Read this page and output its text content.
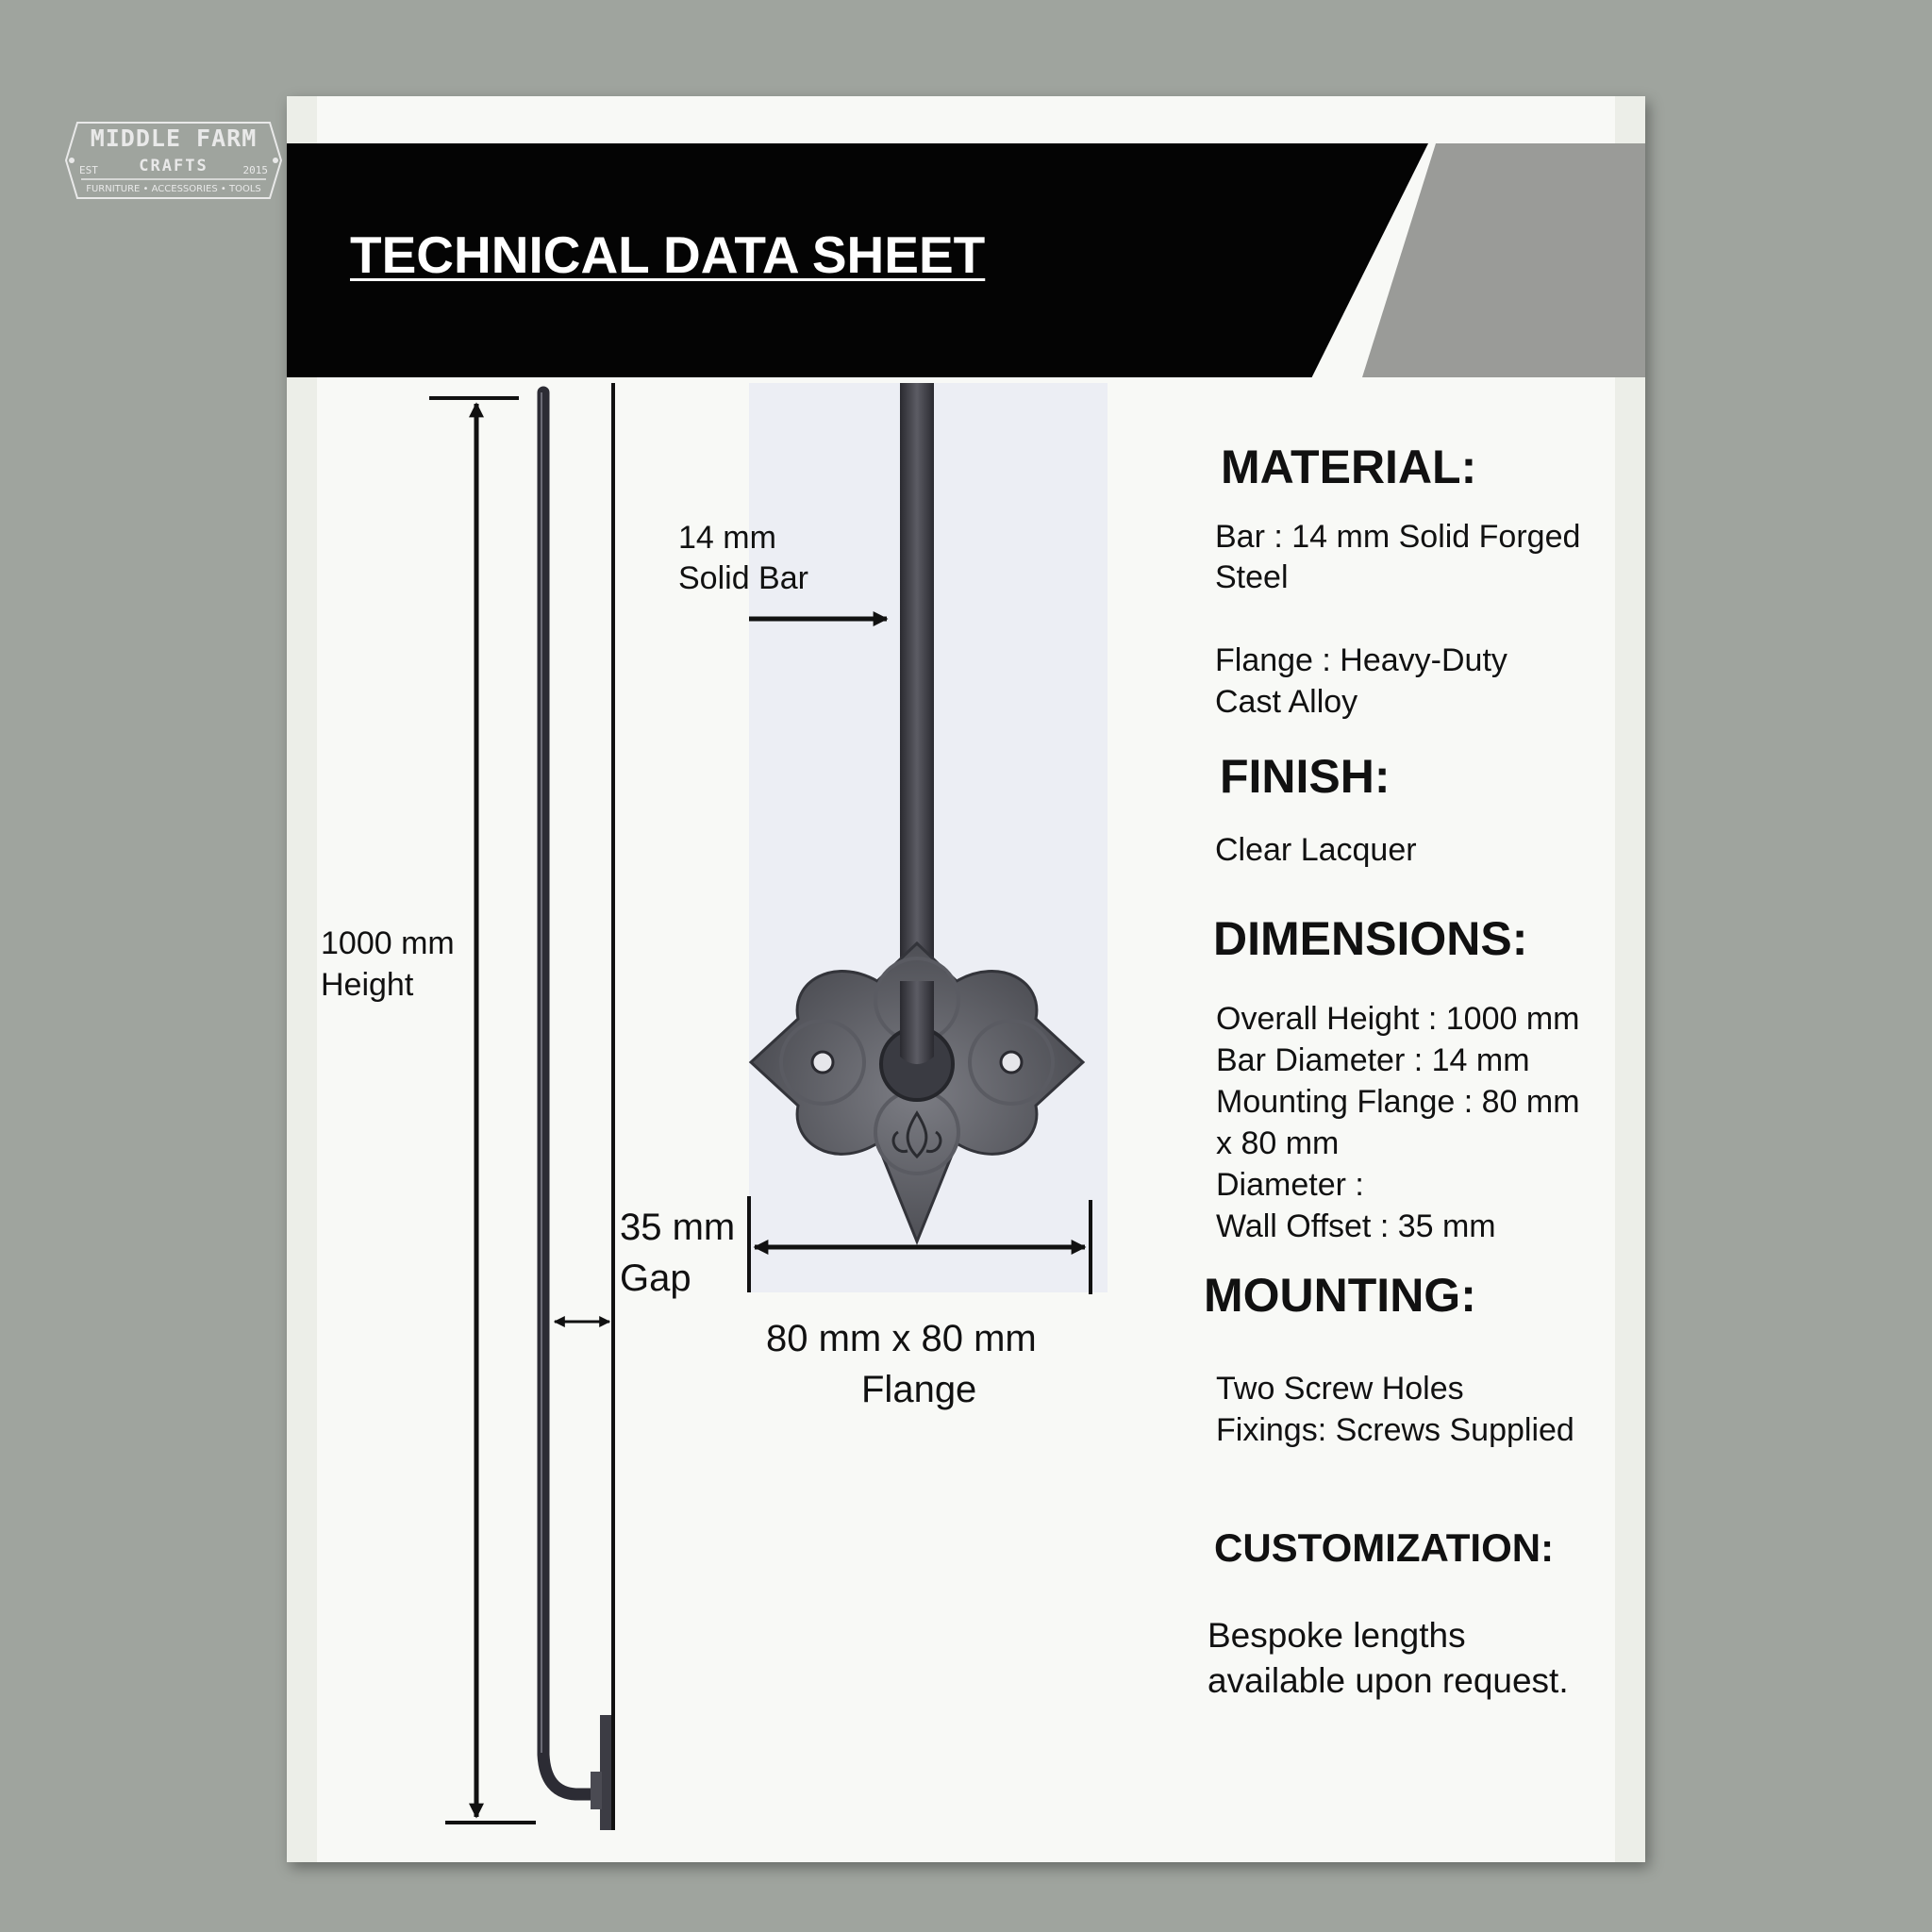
MIDDLE FARM
CRAFTS
EST	2015
FURNITURE • ACCESSORIES • TOOLS
TECHNICAL DATA SHEET
1000 mm
Height
35 mm
Gap
14 mm
Solid Bar
80 mm x 80 mm
Flange
MATERIAL:
Bar : 14 mm Solid Forged
Steel
Flange : Heavy-Duty
Cast Alloy
FINISH:
Clear Lacquer
DIMENSIONS:
Overall Height : 1000 mm
Bar Diameter : 14 mm
Mounting Flange : 80 mm
x 80 mm
Diameter :
Wall Offset : 35 mm
MOUNTING:
Two Screw Holes
Fixings: Screws Supplied
CUSTOMIZATION:
Bespoke lengths
available upon request.
